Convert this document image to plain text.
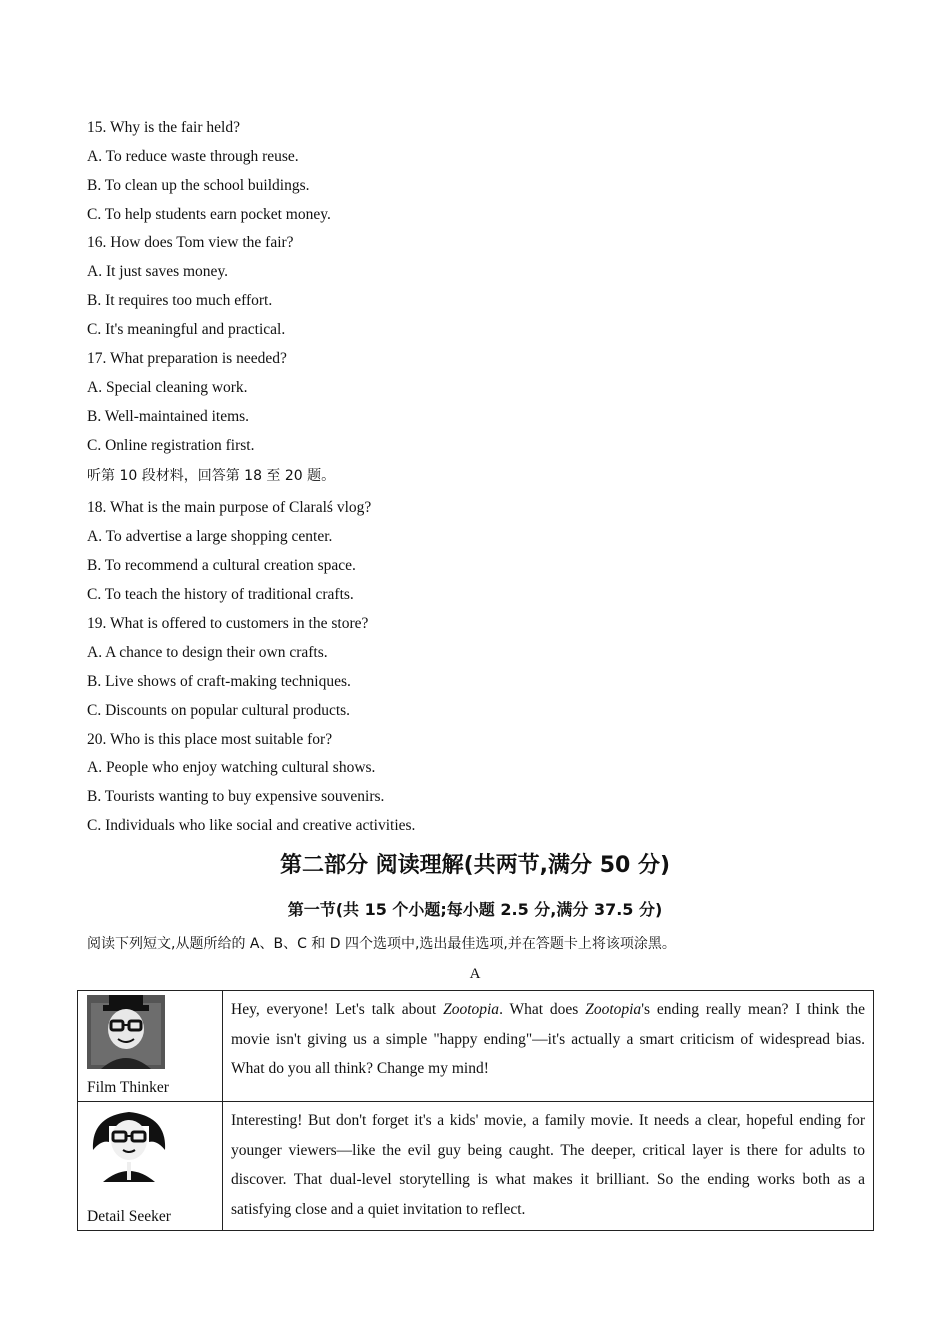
15. Why is the fair held?
A. To reduce waste through reuse.
B. To clean up the school buildings.
C. To help students earn pocket money.
16. How does Tom view the fair?
A. It just saves money.
B. It requires too much effort.
C. It's meaningful and practical.
17. What preparation is needed?
A. Special cleaning work.
B. Well-maintained items.
C. Online registration first.
听第 10 段材料，回答第 18 至 20 题。
18. What is the main purpose of Claralś vlog?
A. To advertise a large shopping center.
B. To recommend a cultural creation space.
C. To teach the history of traditional crafts.
19. What is offered to customers in the store?
A. A chance to design their own crafts.
B. Live shows of craft-making techniques.
C. Discounts on popular cultural products.
20. Who is this place most suitable for?
A. People who enjoy watching cultural shows.
B. Tourists wanting to buy expensive souvenirs.
C. Individuals who like social and creative activities.
第二部分 阅读理解(共两节,满分 50 分)
第一节(共 15 个小题;每小题 2.5 分,满分 37.5 分)
阅读下列短文,从题所给的 A、B、C 和 D 四个选项中,选出最佳选项,并在答题卡上将该项涂黑。
A
Film Thinker	Hey, everyone! Let's talk about Zootopia. What does Zootopia's ending really mean? I think the movie isn't giving us a simple "happy ending"—it's actually a smart criticism of widespread bias. What do you all think? Change my mind!

Detail Seeker	Interesting! But don't forget it's a kids' movie, a family movie. It needs a clear, hopeful ending for younger viewers—like the evil guy being caught. The deeper, critical layer is there for adults to discover. That dual-level storytelling is what makes it brilliant. So the ending works both as a satisfying close and a quiet invitation to reflect.
